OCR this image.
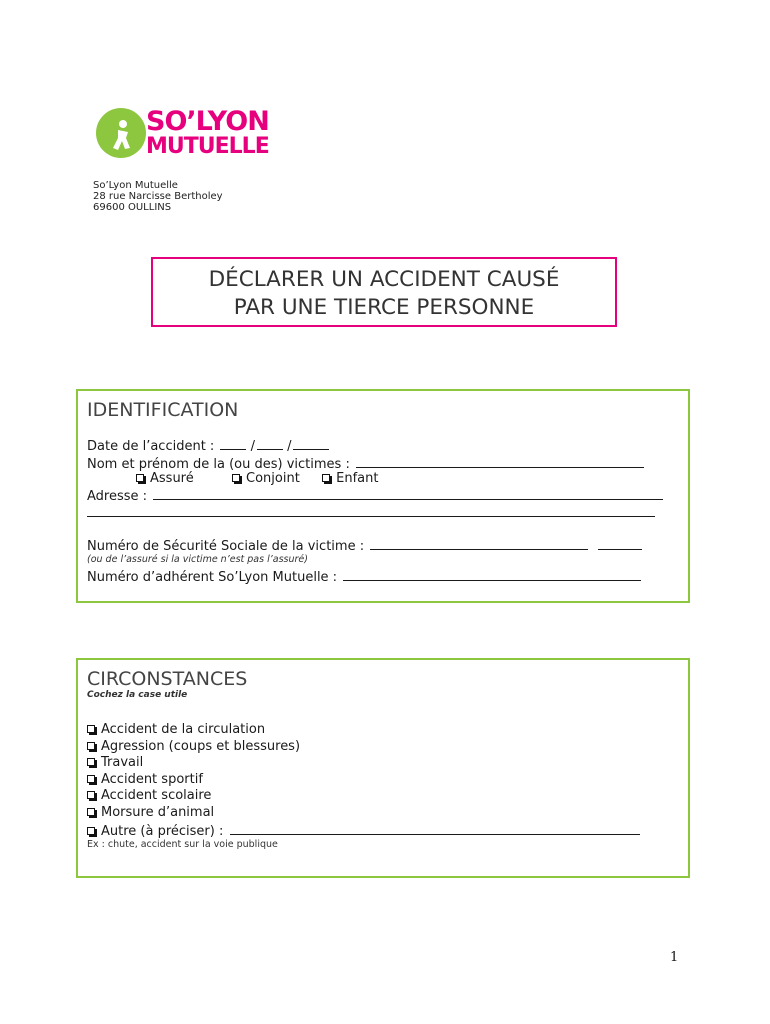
SO’LYON
MUTUELLE
So’Lyon Mutuelle
28 rue Narcisse Bertholey
69600 OULLINS
DÉCLARER UN ACCIDENT CAUSÉ
PAR UNE TIERCE PERSONNE
IDENTIFICATION
Date de l’accident :  / /
Nom et prénom de la (ou des) victimes :
Assuré	Conjoint	Enfant
Adresse :
Numéro de Sécurité Sociale de la victime :
(ou de l’assuré si la victime n’est pas l’assuré)
Numéro d’adhérent So’Lyon Mutuelle :
CIRCONSTANCES
Cochez la case utile
Accident de la circulation
Agression (coups et blessures)
Travail
Accident sportif
Accident scolaire
Morsure d’animal
Autre (à préciser) :
Ex : chute, accident sur la voie publique
1
